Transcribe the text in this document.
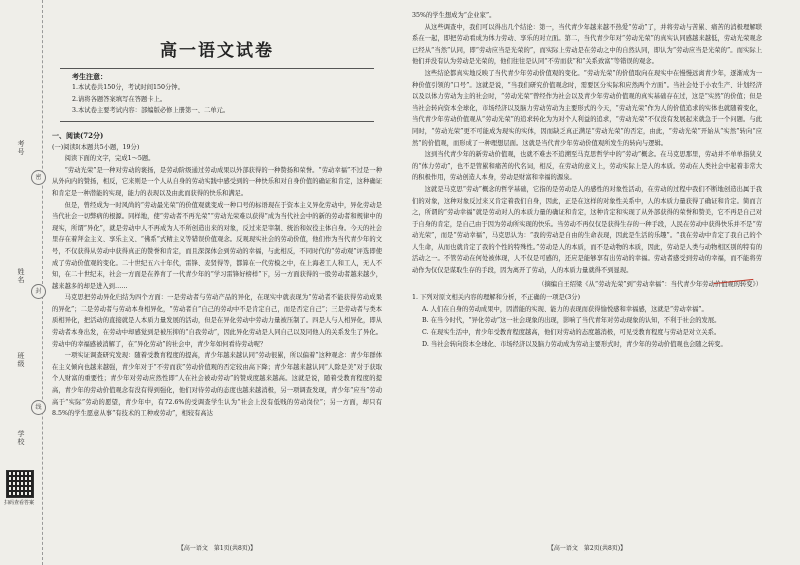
考号
姓名
班级
学校
密
封
线
扫码查看答案
高一语文试卷
考生注意：
1.本试卷共150分，考试时间150分钟。
2.请将各题答案填写在答题卡上。
3.本试卷主要考试内容：部编版必修上册第一、二单元。
一、阅读(72分)
(一)阅读Ⅰ(本题共5小题，19分)
阅读下面的文字，完成1～5题。
“劳动光荣”是一种对劳动的褒扬，是劳动阶级通过劳动成果以外部获得的一种赞扬和荣誉。“劳动幸福”不过是一种从外向内的赞扬，相反，它来则是一个人从自身的劳动实践中感受到的一种快乐和对自身价值的确证和肯定，这种确证和肯定是一种潜能的实现，能力的表现以及由此而获得的快乐和满足。
但是，曾经成为一时风尚的“劳动最光荣”的价值观就变成一种口号的标语现在于资本主义异化劳动中，异化劳动是当代社会一切弊病的根源。同样地，使“劳动者不再光荣”“劳动光荣难以获得”成为当代社会中的新的劳动者和规律中的现实，所谓“异化”，就是劳动中人不再成为人不所创造出来的对象，反过来是宰制、统治和奴役主体自身。今天的社会里存在着拜金主义、享乐主义、“佛系”式精主义等错误价值观念。反观现实社会的劳动价值，他们作为当代青少年的文号，不仅获得从劳动中获得真正的赞誉和肯定，而且深深体会到劳动的幸福，与此相反，不同时代的“劳动观”评选即使成了劳动价值观的变化。二十世纪五六十年代，雷锋、麦贤得等，都算在一代劳模之中，在上海老工人和工人，无人不知，在二十世纪末，社会一方面是在养育了一代青少年的“学习雷锋好榜样”下，另一方面获得的一股劳动者越来越少，越来越多的却是进入到……
马克思把劳动异化归结为四个方面：一是劳动者与劳动产品的异化，在现实中就表现为“劳动者不能获得劳动成果的异化”；二是劳动者与劳动本身相异化，“劳动者自”自己的劳动中不是肯定自己，而是否定自己”；三是劳动者与类本质相异化，把活动的直接就是人本质力量发展的活动，但是在异化劳动中劳动力量被压制了。四是人与人相异化，即从劳动者本身出发，在劳动中却感觉到是被压抑的“自我劳动”，因此异化劳动是人同自己以及同他人的关系发生了异化。劳动中的幸福感被消解了，在“异化劳动”的社会中，青少年如何看待劳动呢？
一项实证调查研究发现：随着受教育程度的提高，青少年越来越认同“劳动很累，所以偏着”这种观念：青少年群体在主义倾向也越来越强，青少年对于“不劳而获”劳动价值观的否定较由高下降；青少年越来越认同“人除是美”对于获取个人财富的重要性；青少年对劳动应然性即“人在社会被动劳动”的赞成度越来越高。这就是说，随着受教育程度的提高，青少年的劳动价值观念有没有得到强化，他们对待劳动的态度也越来越消极，另一项调查发现，青少年“应当”劳动高于“实际”劳动的愿望，青少年中，有72.6%的受调查学生认为“社会上没有低贱的劳动岗位”；另一方面，却只有8.5%的学生愿意从事“有技术的工种或劳动”，相较有高达
【高一语文　第1页(共8页)】
35%的学生想成为“企业家”。
从这些调查中，我们可以得出几个结论：第一，当代青少年越来越不热爱“劳动”了，并将劳动与苦累、痛苦的消极理解联系在一起，即把劳动看成为体力劳动、享乐的对立面。第二，当代青少年对“劳动光荣”的真实认同感越来越低，劳动光荣观念已经从“当然”认同，即“劳动应当是光荣的”，而实际上劳动是在劳动之中的自然认同，即认为“劳动应当是光荣的”。而实际上他们并没有认为劳动是光荣的，他们往往是认同“不劳而获”和“关系致富”等错误的观念。
这些结论都真实地反映了当代青少年劳动价值观的变化。“劳动光荣”的价值取向在现实中在慢慢远离青少年，逐渐成为一种价值引领的“口号”。这就是说，“当我们研究价值观念时，需要区分实际和应然两个方面”。当社会处于小农生产、计划经济以及以体力劳动为主的社会时，“劳动光荣”曾经作为社会以及青少年劳动价值观的真实基础存在过，这是“实然”的价值；但是当社会转向资本全球化，市场经济以及脑力劳动劳动为主要形式的今天，“劳动光荣”作为人的价值追求的实体也就随着变化，当代青少年劳动价值观从“劳动光荣”的追求转化为为对个人利益的追求，“劳动光荣”不仅没有发展起来就急于一个问题。与此同时，“劳动光荣”更不可能成为现实的实体，因而缺乏真正满足“劳动光荣”的否定，由此，“劳动光荣”开始从“实然”转向“应然”的价值观，而形成了一种理想层面。这就是当代青少年劳动价值观所发生的转向与逻辑。
这到当代青少年的新劳动价值观，也就不难去不追溯至马克思哲学中的“劳动”概念。在马克思那里，劳动并不单单指狭义的“体力劳动”，也不是管累和痛苦的代名词，相反，在劳动的意义上，劳动实际上是人的本质。劳动在人类社会中起着非常大的积极作用，劳动创造人本身，劳动是财富和幸福的源泉。
这就是马克思“劳动”概念的哲学基础，它指的是劳动是人的感性的对象性活动，在劳动的过程中我们不断地创造出属于我们的对象，这种对象反过来又肯定着我们自身，因此，正是在这样的对象性关系中，人的本质力量获得了确证和肯定。简而言之，所谓的“劳动幸福”就是劳动对人的本质力量的确证和肯定，这种肯定和实现了从外部获得的荣誉和赞美，它不再是自己对于自身的肯定，是自己由于因为劳动所实现的快乐。当劳动不再仅仅是获得生存的一种手段，人民在劳动中获得快乐并不是“劳动光荣”，而是“劳动幸福”，马克思认为：“我的劳动是自由的生命表现，因此是生活的乐趣”。“我在劳动中肯定了我自己的个人生命，从而也就肯定了我的个性的特殊性。”劳动是人的本质，而不是动物的本质，因此，劳动是人类与动物相区别的特有的活动之一。不管劳动在何处被体现，人不仅是可感的，还应是能够享有出劳动的幸福。劳动者感受到劳动的幸福，而不能将劳动作为仅仅是谋取生存的手段，因为离开了劳动，人的本质力量就得不到显现。
（摘编自王绍梁《从“劳动光荣”到“劳动幸福”：当代青少年劳动价值观的转变》）
1. 下列对原文相关内容的理解和分析，不正确的一项是(3分)
A. 人们在自身的劳动成果中，因潜能的实现、能力的表现而获得愉悦感和幸福感，这就是“劳动幸福”。
B. 在当今时代，“异化劳动”这一社会现象的出现，影响了当代青年对劳动现象的认知，不利于社会的发展。
C. 在现实生活中，青少年受教育程度越高，他们对劳动的态度越消极，可见受教育程度与劳动是对立关系。
D. 当社会转向资本全球化、市场经济以及脑力劳动成为劳动主要形式时，青少年的劳动价值观也会随之转变。
【高一语文　第2页(共8页)】
